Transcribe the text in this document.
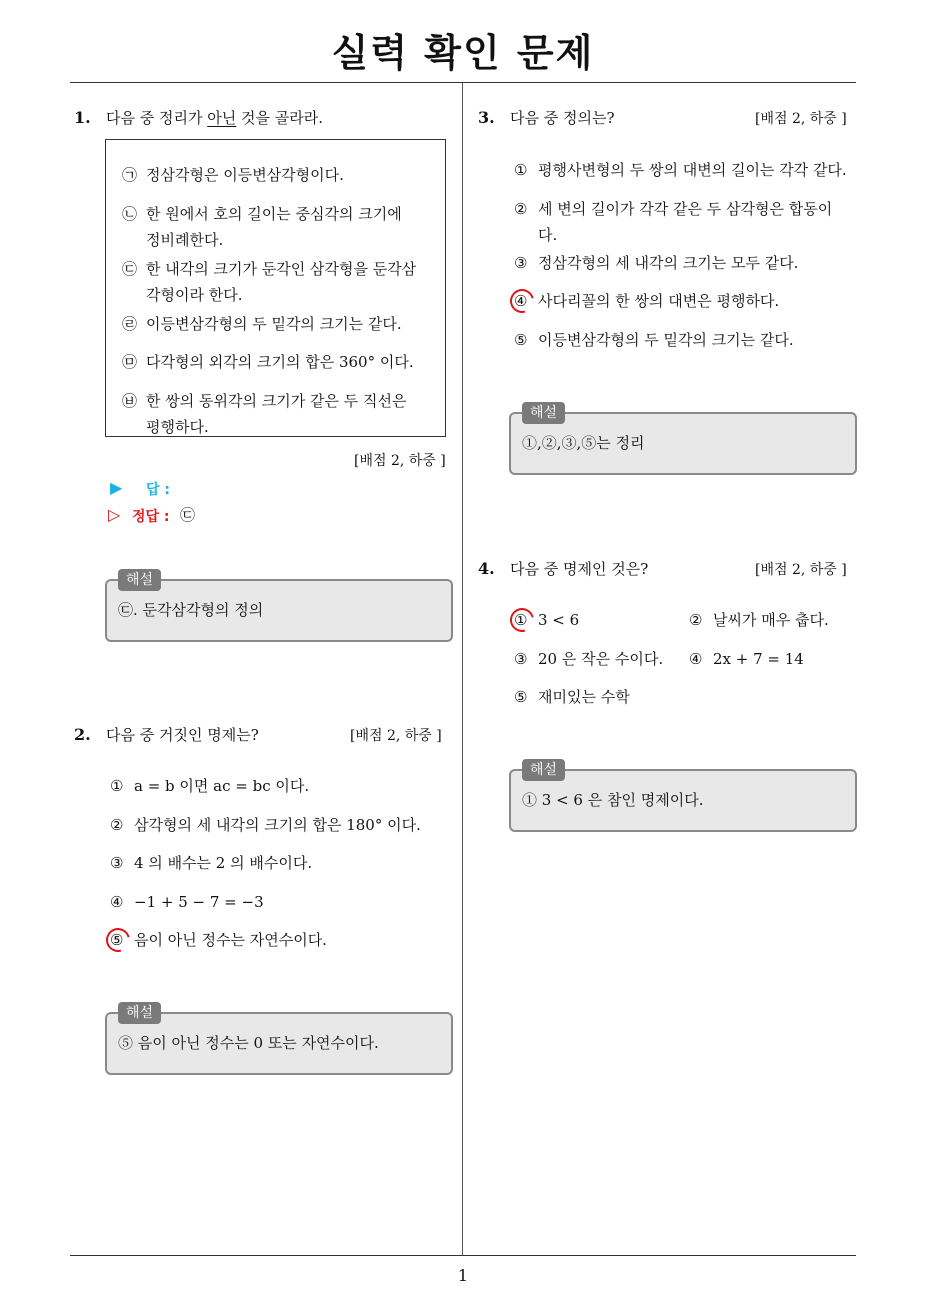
실력 확인 문제
1
1. 다음 중 정리가 아닌 것을 골라라.
㉠ 정삼각형은 이등변삼각형이다.
㉡ 한 원에서 호의 길이는 중심각의 크기에
정비례한다.
㉢ 한 내각의 크기가 둔각인 삼각형을 둔각삼
각형이라 한다.
㉣ 이등변삼각형의 두 밑각의 크기는 같다.
㉤ 다각형의 외각의 크기의 합은 360° 이다.
㉥ 한 쌍의 동위각의 크기가 같은 두 직선은
평행하다.
[배점 2, 하중 ]
▶ 답 :
▷ 정답 : ㉢
해설
㉢. 둔각삼각형의 정의
2. 다음 중 거짓인 명제는?	[배점 2, 하중 ]
① a = b 이면 ac = bc 이다.
② 삼각형의 세 내각의 크기의 합은 180° 이다.
③ 4 의 배수는 2 의 배수이다.
④ −1 + 5 − 7 = −3
⑤ 음이 아닌 정수는 자연수이다.
해설
⑤ 음이 아닌 정수는 0 또는 자연수이다.
3. 다음 중 정의는?	[배점 2, 하중 ]
① 평행사변형의 두 쌍의 대변의 길이는 각각 같다.
② 세 변의 길이가 각각 같은 두 삼각형은 합동이
다.
③ 정삼각형의 세 내각의 크기는 모두 같다.
④ 사다리꼴의 한 쌍의 대변은 평행하다.
⑤ 이등변삼각형의 두 밑각의 크기는 같다.
해설
①,②,③,⑤는 정리
4. 다음 중 명제인 것은?	[배점 2, 하중 ]
① 3 < 6	② 날씨가 매우 춥다.
③ 20 은 작은 수이다. ④ 2x + 7 = 14
⑤ 재미있는 수학
해설
① 3 < 6 은 참인 명제이다.
